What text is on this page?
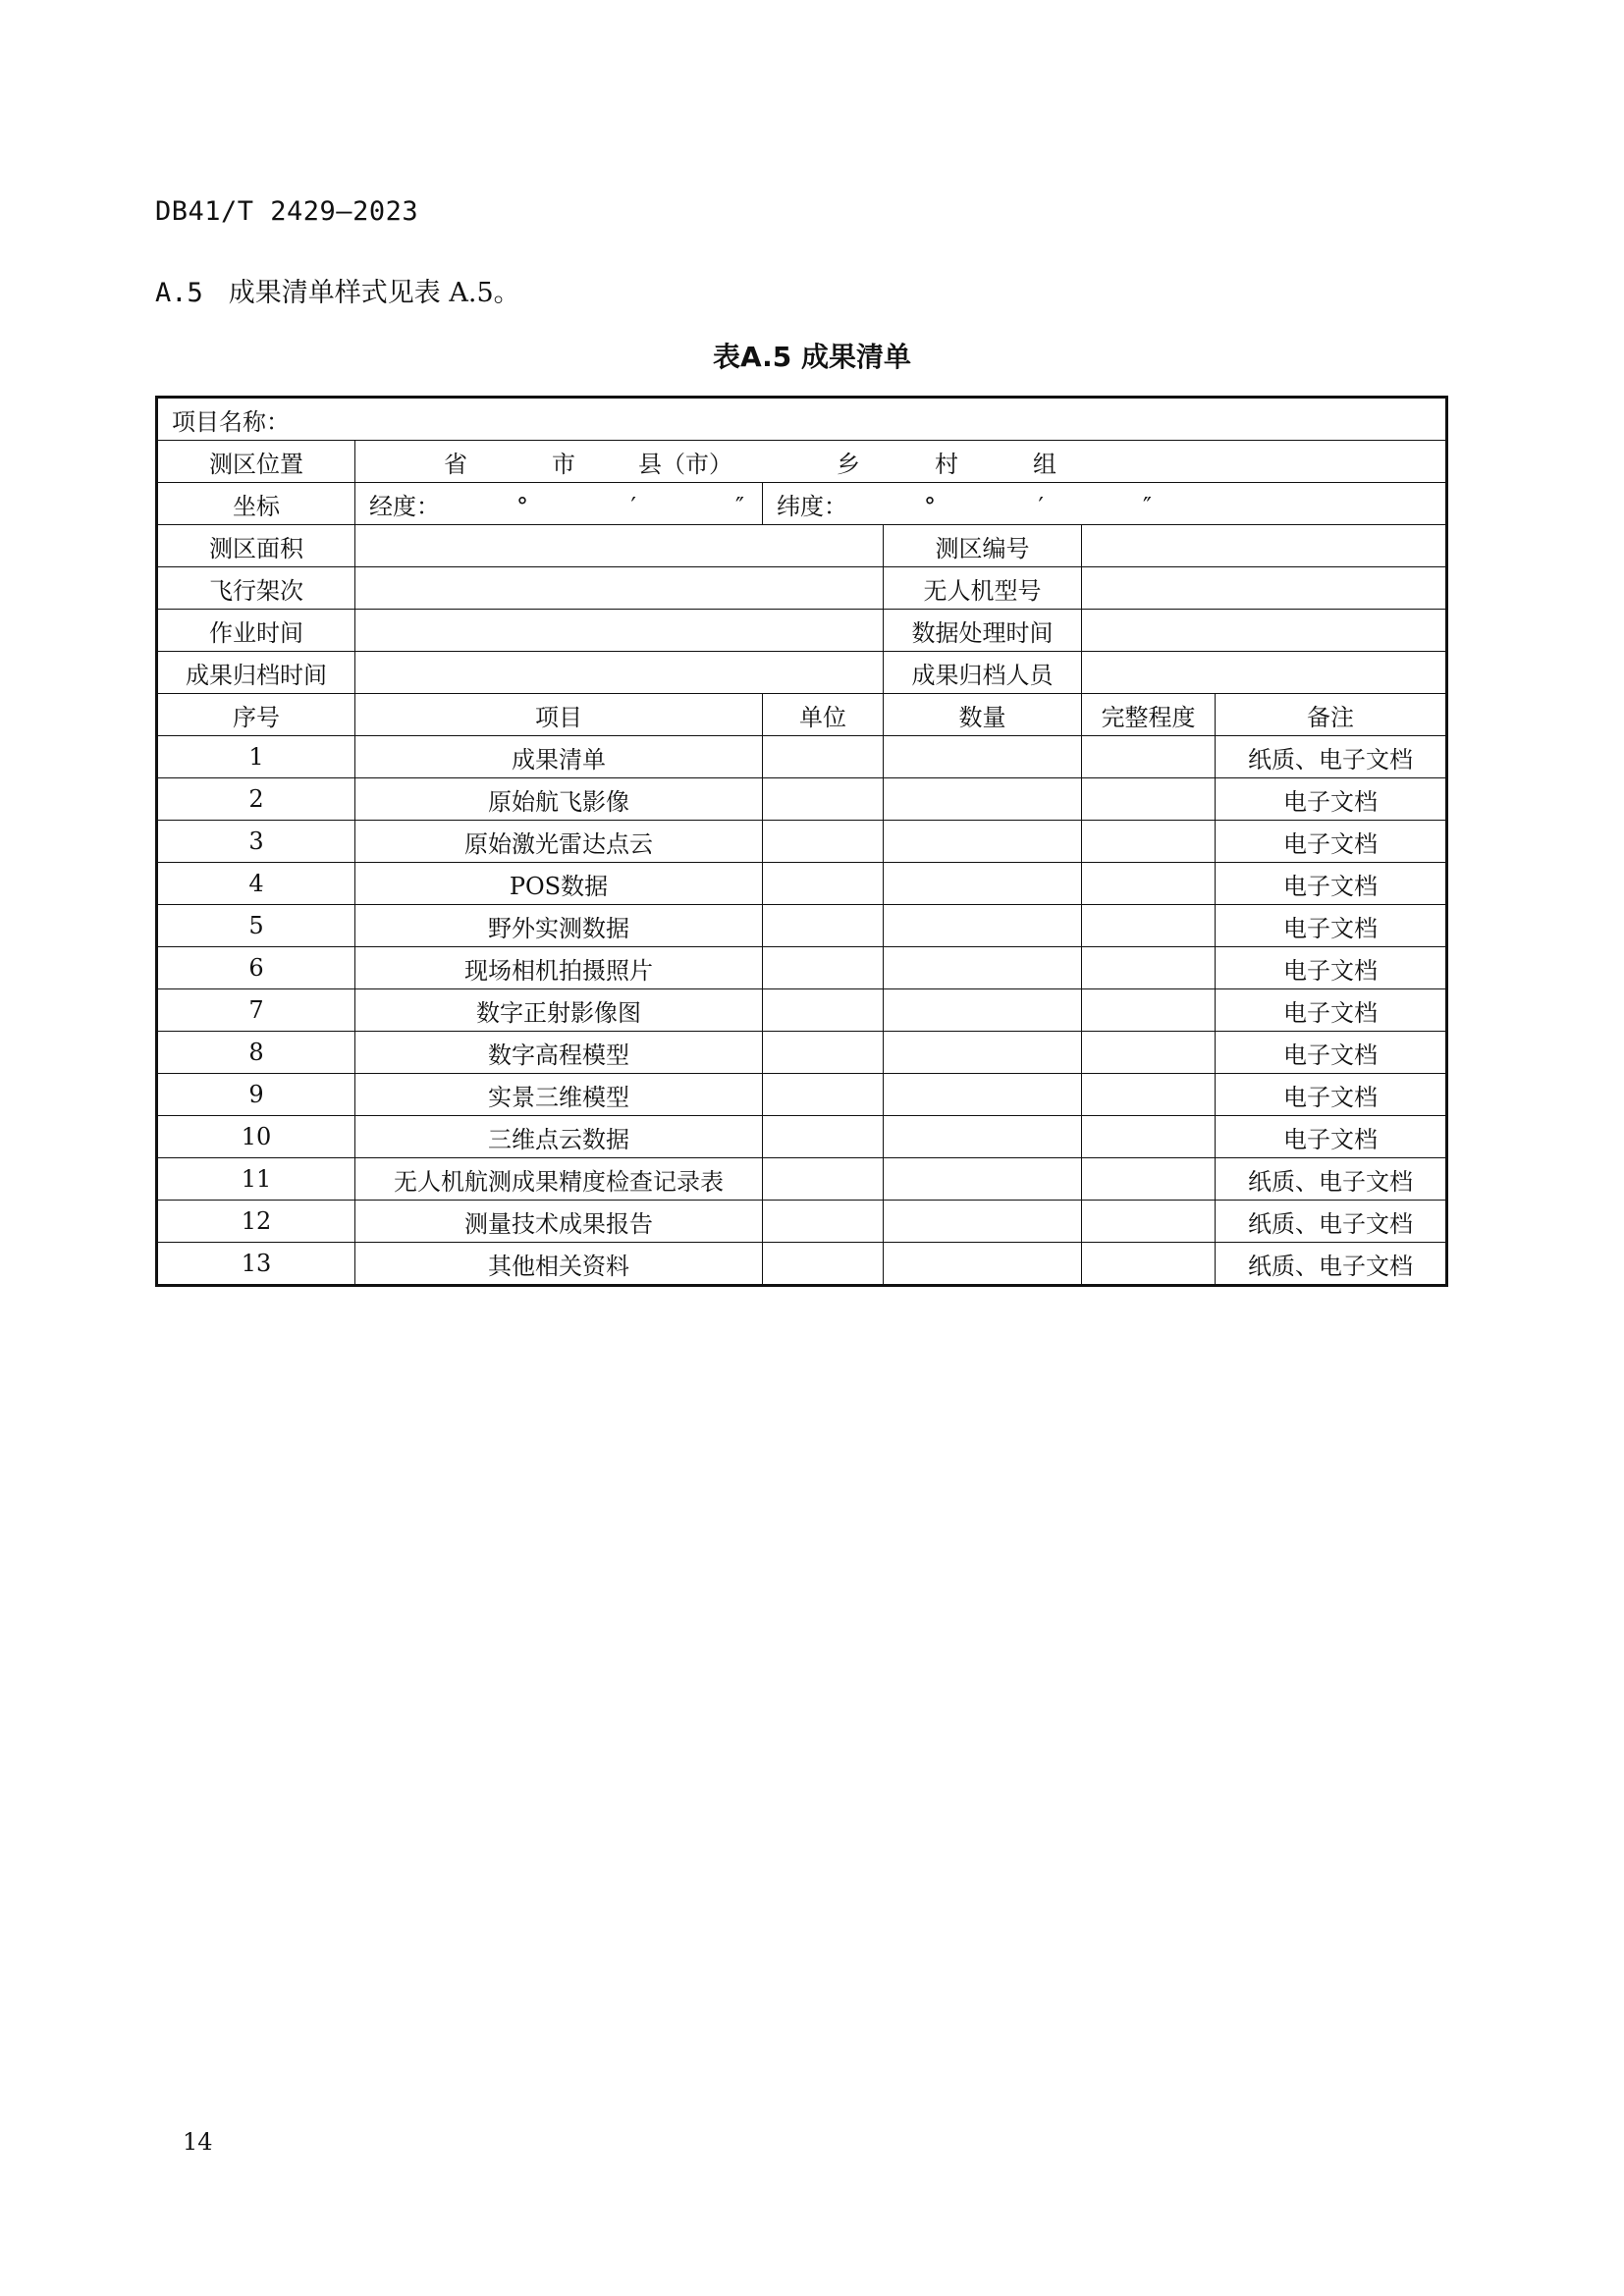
DB41/T 2429—2023
A.5 成果清单样式见表 A.5。
表A.5 成果清单
项目名称：					
测区位置	省 市 县（市） 乡 村 组				
坐标	经度： ° ′ ″	纬度： ° ′ ″			
测区面积			测区编号		
飞行架次			无人机型号		
作业时间			数据处理时间		
成果归档时间			成果归档人员		
序号	项目	单位	数量	完整程度	备注
1	成果清单				纸质、电子文档
2	原始航飞影像				电子文档
3	原始激光雷达点云				电子文档
4	POS数据				电子文档
5	野外实测数据				电子文档
6	现场相机拍摄照片				电子文档
7	数字正射影像图				电子文档
8	数字高程模型				电子文档
9	实景三维模型				电子文档
10	三维点云数据				电子文档
11	无人机航测成果精度检查记录表				纸质、电子文档
12	测量技术成果报告				纸质、电子文档
13	其他相关资料				纸质、电子文档
14
